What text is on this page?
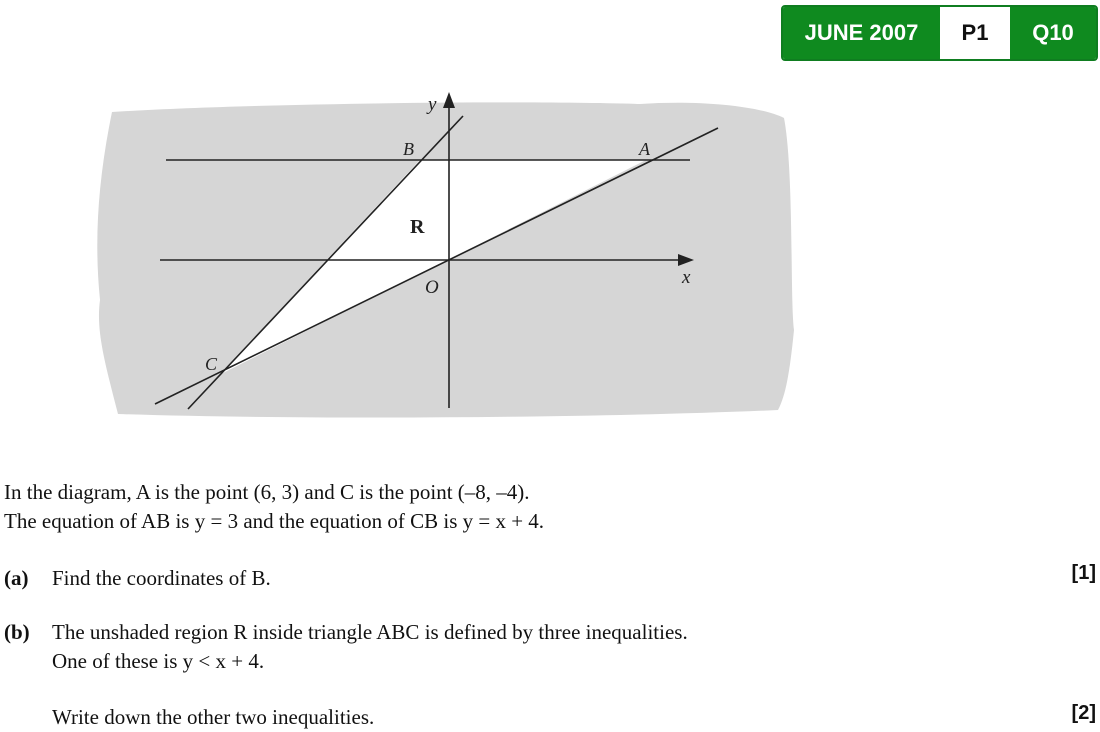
JUNE 2007	P1	Q10
y
x
O
B	A
C
R
In the diagram, A is the point (6, 3) and C is the point (–8, –4).
The equation of AB is y = 3 and the equation of CB is y = x + 4.
(a) Find the coordinates of B.	[1]
(b) The unshaded region R inside triangle ABC is defined by three inequalities.
One of these is y < x + 4.
Write down the other two inequalities.	[2]
